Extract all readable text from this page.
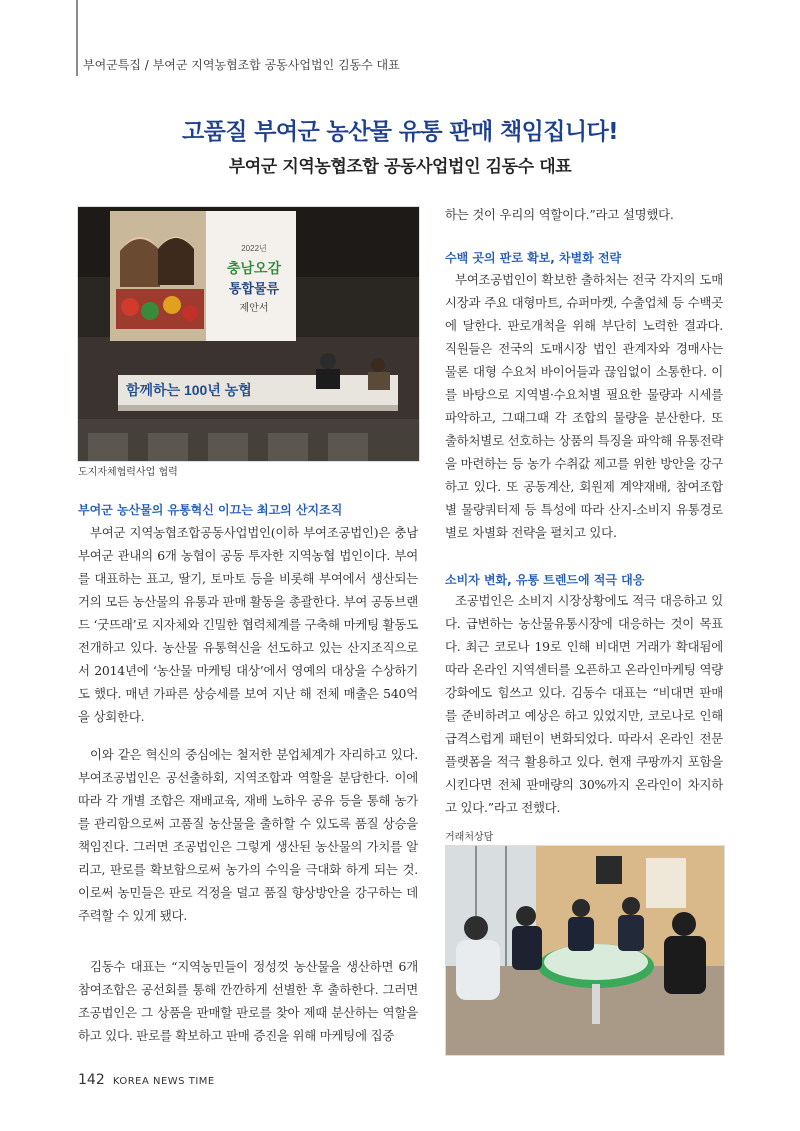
부여군특집 / 부여군 지역농협조합 공동사업법인 김동수 대표
고품질 부여군 농산물 유통 판매 책임집니다!
부여군 지역농협조합 공동사업법인 김동수 대표
2022년
충남오감
통합물류
제안서
함께하는 100년 농협
도지자체협력사업 협력
부여군 농산물의 유통혁신 이끄는 최고의 산지조직

부여군 지역농협조합공동사업법인(이하 부여조공법인)은 충남 부여군 관내의 6개 농협이 공동 투자한 지역농협 법인이다. 부여를 대표하는 표고, 딸기, 토마토 등을 비롯해 부여에서 생산되는 거의 모든 농산물의 유통과 판매 활동을 총괄한다. 부여 공동브랜드 ‘굿뜨래’로 지자체와 긴밀한 협력체계를 구축해 마케팅 활동도 전개하고 있다. 농산물 유통혁신을 선도하고 있는 산지조직으로서 2014년에 ‘농산물 마케팅 대상’에서 영예의 대상을 수상하기도 했다. 매년 가파른 상승세를 보여 지난 해 전체 매출은 540억을 상회한다.

이와 같은 혁신의 중심에는 철저한 분업체계가 자리하고 있다. 부여조공법인은 공선출하회, 지역조합과 역할을 분담한다. 이에 따라 각 개별 조합은 재배교육, 재배 노하우 공유 등을 통해 농가를 관리함으로써 고품질 농산물을 출하할 수 있도록 품질 상승을 책임진다. 그러면 조공법인은 그렇게 생산된 농산물의 가치를 알리고, 판로를 확보함으로써 농가의 수익을 극대화 하게 되는 것. 이로써 농민들은 판로 걱정을 덜고 품질 향상방안을 강구하는 데 주력할 수 있게 됐다.

김동수 대표는 “지역농민들이 정성껏 농산물을 생산하면 6개 참여조합은 공선회를 통해 깐깐하게 선별한 후 출하한다. 그러면 조공법인은 그 상품을 판매할 판로를 찾아 제때 분산하는 역할을 하고 있다. 판로를 확보하고 판매 증진을 위해 마케팅에 집중

하는 것이 우리의 역할이다.”라고 설명했다.

수백 곳의 판로 확보, 차별화 전략

부여조공법인이 확보한 출하처는 전국 각지의 도매시장과 주요 대형마트, 슈퍼마켓, 수출업체 등 수백곳에 달한다. 판로개척을 위해 부단히 노력한 결과다. 직원들은 전국의 도매시장 법인 관계자와 경매사는 물론 대형 수요처 바이어들과 끊임없이 소통한다. 이를 바탕으로 지역별·수요처별 필요한 물량과 시세를 파악하고, 그때그때 각 조합의 물량을 분산한다. 또 출하처별로 선호하는 상품의 특징을 파악해 유통전략을 마련하는 등 농가 수취값 제고를 위한 방안을 강구하고 있다. 또 공동계산, 회원제 계약재배, 참여조합별 물량쿼터제 등 특성에 따라 산지-소비지 유통경로별로 차별화 전략을 펼치고 있다.

소비자 변화, 유통 트렌드에 적극 대응

조공법인은 소비지 시장상황에도 적극 대응하고 있다. 급변하는 농산물유통시장에 대응하는 것이 목표다. 최근 코로나 19로 인해 비대면 거래가 확대됨에 따라 온라인 지역센터를 오픈하고 온라인마케팅 역량 강화에도 힘쓰고 있다. 김동수 대표는 “비대면 판매를 준비하려고 예상은 하고 있었지만, 코로나로 인해 급격스럽게 패턴이 변화되었다. 따라서 온라인 전문 플랫폼을 적극 활용하고 있다. 현재 쿠팡까지 포함을 시킨다면 전체 판매량의 30%까지 온라인이 차지하고 있다.”라고 전했다.

거래처상담
142 KOREA NEWS TIME
